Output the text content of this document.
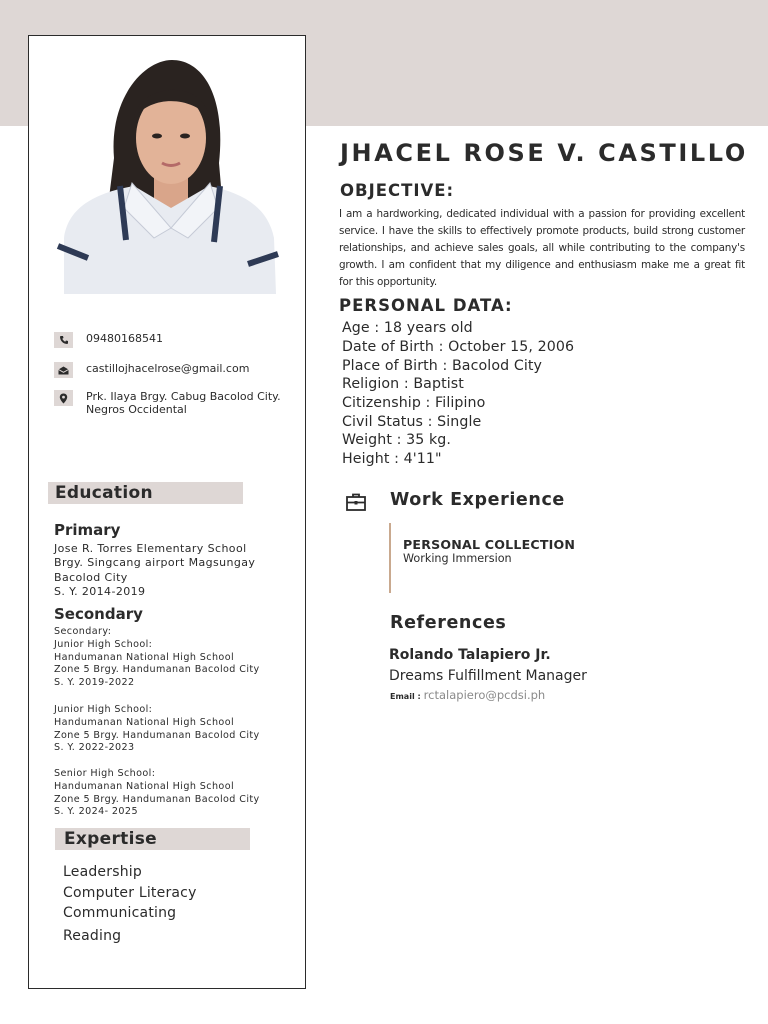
09480168541
castillojhacelrose@gmail.com
Prk. Ilaya Brgy. Cabug Bacolod City. Negros Occidental
Education
Primary
Jose R. Torres Elementary School
Brgy. Singcang airport Magsungay
Bacolod City
S. Y. 2014-2019
Secondary
Secondary:
Junior High School:
Handumanan National High School
Zone 5 Brgy. Handumanan Bacolod City
S. Y. 2019-2022
Junior High School:
Handumanan National High School
Zone 5 Brgy. Handumanan Bacolod City
S. Y. 2022-2023
Senior High School:
Handumanan National High School
Zone 5 Brgy. Handumanan Bacolod City
S. Y. 2024- 2025
Expertise
Leadership
Computer Literacy
Communicating
Reading
JHACEL ROSE V. CASTILLO
OBJECTIVE:
I am a hardworking, dedicated individual with a passion for providing excellent service. I have the skills to effectively promote products, build strong customer relationships, and achieve sales goals, all while contributing to the company's growth. I am confident that my diligence and enthusiasm make me a great fit for this opportunity.
PERSONAL DATA:
Age : 18 years old
Date of Birth : October 15, 2006
Place of Birth : Bacolod City
Religion : Baptist
Citizenship : Filipino
Civil Status : Single
Weight : 35 kg.
Height : 4'11"
Work Experience
PERSONAL COLLECTION
Working Immersion
References
Rolando Talapiero Jr.
Dreams Fulfillment Manager
Email : rctalapiero@pcdsi.ph
